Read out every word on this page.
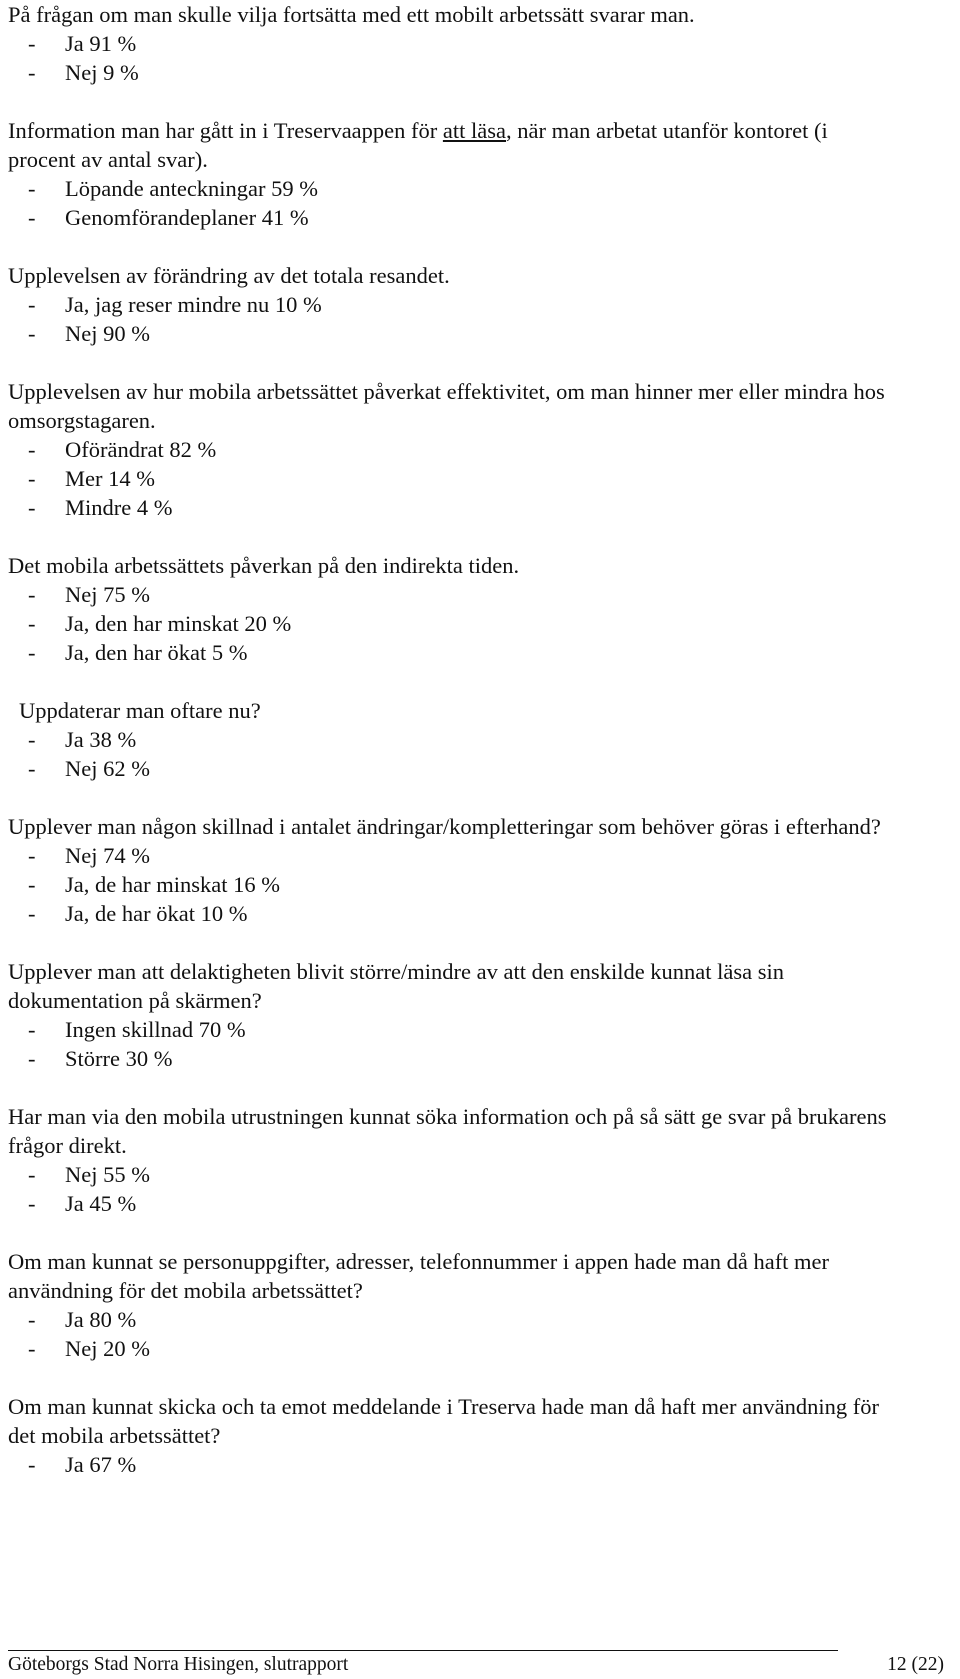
På frågan om man skulle vilja fortsätta med ett mobilt arbetssätt svarar man.

- Ja 91 %
- Nej 9 %

Information man har gått in i Treservaappen för att läsa, när man arbetat utanför kontoret (i procent av antal svar).

- Löpande anteckningar 59 %
- Genomförandeplaner 41 %

Upplevelsen av förändring av det totala resandet.

- Ja, jag reser mindre nu 10 %
- Nej 90 %

Upplevelsen av hur mobila arbetssättet påverkat effektivitet, om man hinner mer eller mindra hos omsorgstagaren.

- Oförändrat 82 %
- Mer 14 %
- Mindre 4 %

Det mobila arbetssättets påverkan på den indirekta tiden.

- Nej 75 %
- Ja, den har minskat 20 %
- Ja, den har ökat 5 %

Uppdaterar man oftare nu?

- Ja 38 %
- Nej 62 %

Upplever man någon skillnad i antalet ändringar/kompletteringar som behöver göras i efterhand?

- Nej 74 %
- Ja, de har minskat 16 %
- Ja, de har ökat 10 %

Upplever man att delaktigheten blivit större/mindre av att den enskilde kunnat läsa sin dokumentation på skärmen?

- Ingen skillnad 70 %
- Större 30 %

Har man via den mobila utrustningen kunnat söka information och på så sätt ge svar på brukarens frågor direkt.

- Nej 55 %
- Ja 45 %

Om man kunnat se personuppgifter, adresser, telefonnummer i appen hade man då haft mer användning för det mobila arbetssättet?

- Ja 80 %
- Nej 20 %

Om man kunnat skicka och ta emot meddelande i Treserva hade man då haft mer användning för det mobila arbetssättet?

- Ja 67 %
Göteborgs Stad Norra Hisingen, slutrapport	12 (22)
